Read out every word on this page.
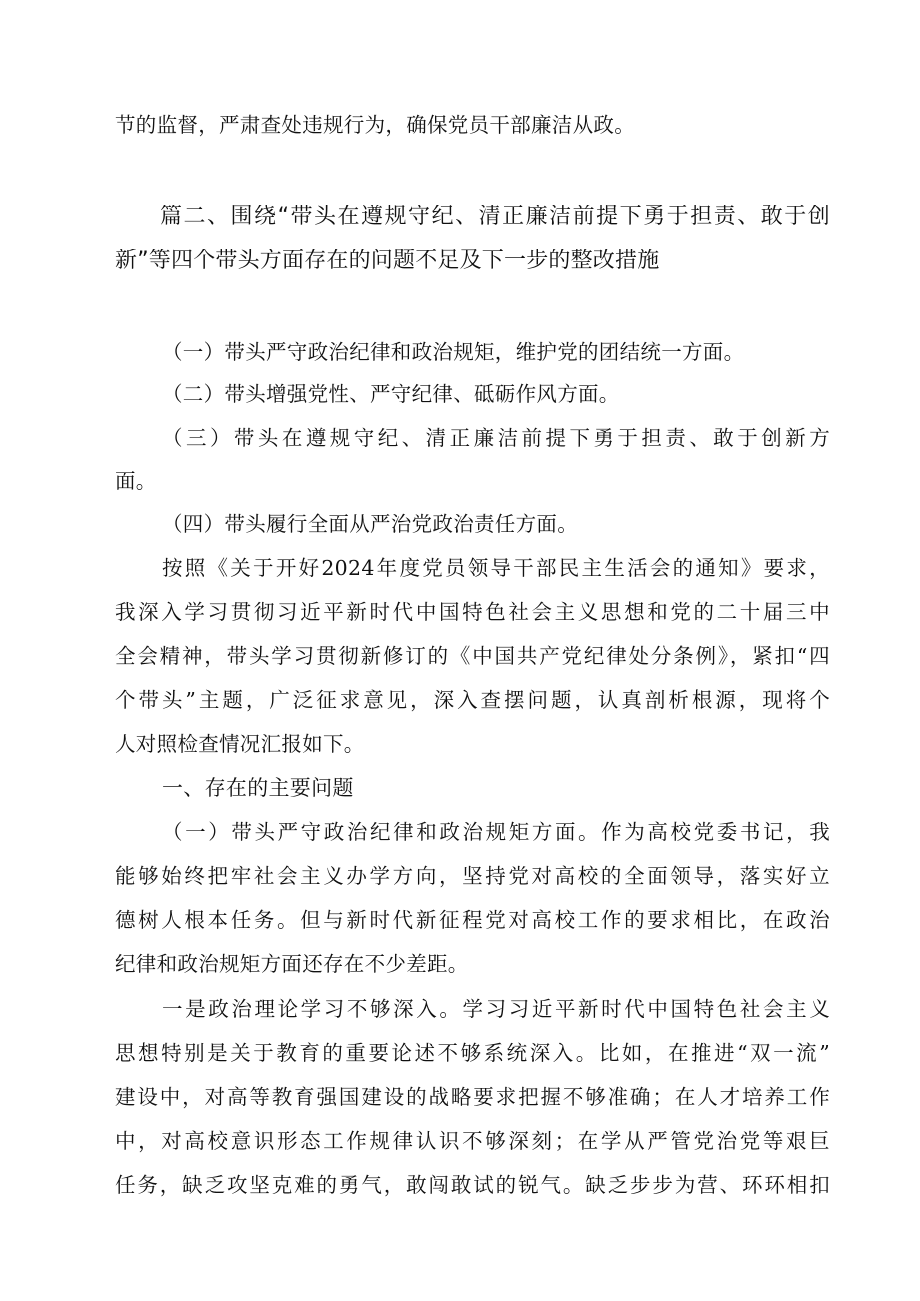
节的监督，严肃查处违规行为，确保党员干部廉洁从政。
篇二、围绕“带头在遵规守纪、清正廉洁前提下勇于担责、敢于创
新”等四个带头方面存在的问题不足及下一步的整改措施
（一）带头严守政治纪律和政治规矩，维护党的团结统一方面。
（二）带头增强党性、严守纪律、砥砺作风方面。
（三）带头在遵规守纪、清正廉洁前提下勇于担责、敢于创新方
面。
（四）带头履行全面从严治党政治责任方面。
按照《关于开好2024年度党员领导干部民主生活会的通知》要求，
我深入学习贯彻习近平新时代中国特色社会主义思想和党的二十届三中
全会精神，带头学习贯彻新修订的《中国共产党纪律处分条例》，紧扣“四
个带头”主题，广泛征求意见，深入查摆问题，认真剖析根源，现将个
人对照检查情况汇报如下。
一、存在的主要问题
（一）带头严守政治纪律和政治规矩方面。作为高校党委书记，我
能够始终把牢社会主义办学方向，坚持党对高校的全面领导，落实好立
德树人根本任务。但与新时代新征程党对高校工作的要求相比，在政治
纪律和政治规矩方面还存在不少差距。
一是政治理论学习不够深入。学习习近平新时代中国特色社会主义
思想特别是关于教育的重要论述不够系统深入。比如，在推进“双一流”
建设中，对高等教育强国建设的战略要求把握不够准确；在人才培养工作
中，对高校意识形态工作规律认识不够深刻；在学从严管党治党等艰巨
任务，缺乏攻坚克难的勇气，敢闯敢试的锐气。缺乏步步为营、环环相扣
